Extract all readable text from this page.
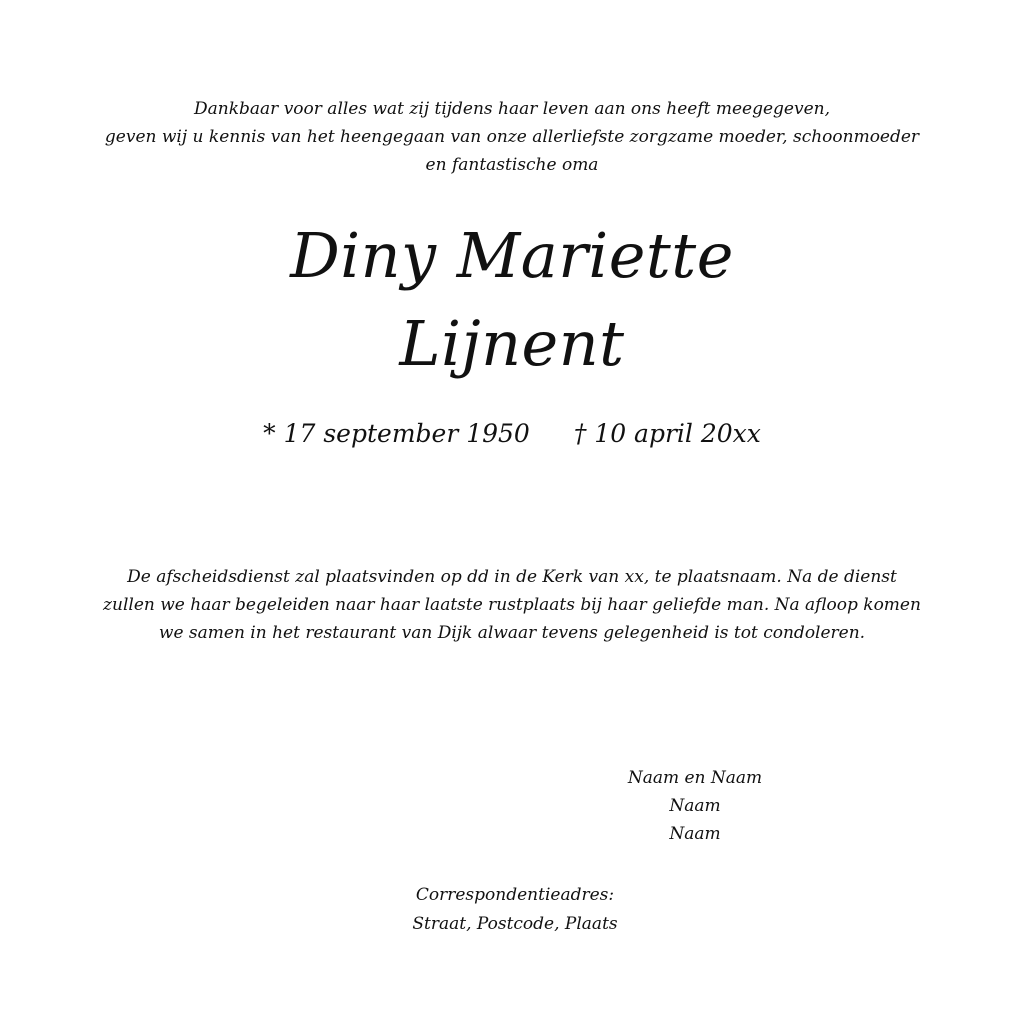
Dankbaar voor alles wat zij tijdens haar leven aan ons heeft meegegeven,
geven wij u kennis van het heengegaan van onze allerliefste zorgzame moeder, schoonmoeder
en fantastische oma
Diny Mariette
Lijnent
* 17 september 1950 † 10 april 20xx
De afscheidsdienst zal plaatsvinden op dd in de Kerk van xx, te plaatsnaam. Na de dienst
zullen we haar begeleiden naar haar laatste rustplaats bij haar geliefde man. Na afloop komen
we samen in het restaurant van Dijk alwaar tevens gelegenheid is tot condoleren.
Naam en Naam
Naam
Naam
Correspondentieadres:
Straat, Postcode, Plaats
